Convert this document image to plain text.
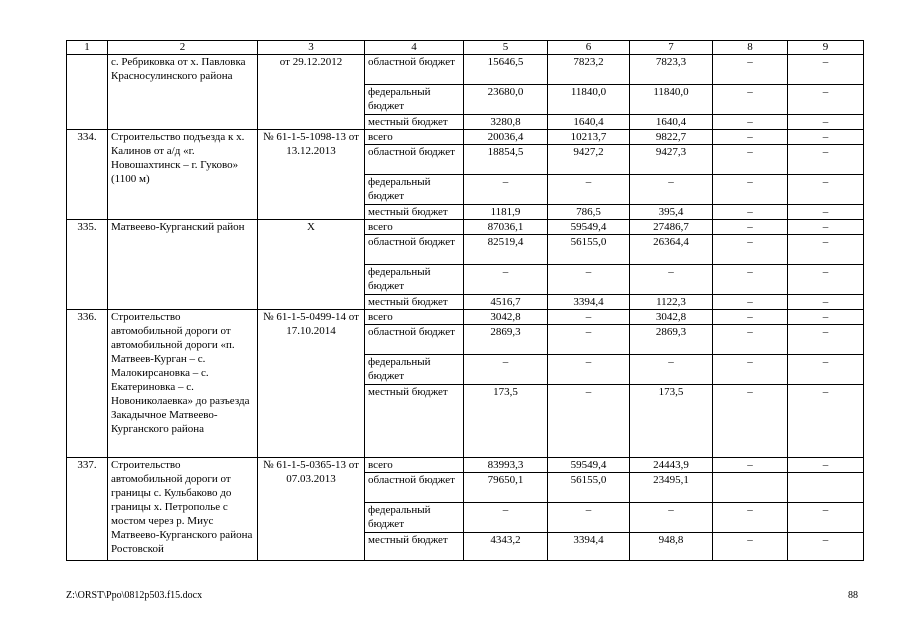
1	2	3	4	5	6	7	8	9
	с. Ребриковка от х. Павловка Красносулинского района	от 29.12.2012	областной бюджет	15646,5	7823,2	7823,3	–	–
			федеральный бюджет	23680,0	11840,0	11840,0	–	–
			местный бюджет	3280,8	1640,4	1640,4	–	–
334.	Строительство подъезда к х. Калинов от а/д «г. Новошахтинск – г. Гуково» (1100 м)	№ 61-1-5-1098-13 от 13.12.2013	всего	20036,4	10213,7	9822,7	–	–
			областной бюджет	18854,5	9427,2	9427,3	–	–
			федеральный бюджет	–	–	–	–	–
			местный бюджет	1181,9	786,5	395,4	–	–
335.	Матвеево-Курганский район	Х	всего	87036,1	59549,4	27486,7	–	–
			областной бюджет	82519,4	56155,0	26364,4	–	–
			федеральный бюджет	–	–	–	–	–
			местный бюджет	4516,7	3394,4	1122,3	–	–
336.	Строительство автомобильной дороги от автомобильной дороги «п. Матвеев-Курган – с. Малокирсановка – с. Екатериновка – с. Новониколаевка» до разъезда Закадычное Матвеево-Курганского района	№ 61-1-5-0499-14 от 17.10.2014	всего	3042,8	–	3042,8	–	–
			областной бюджет	2869,3	–	2869,3	–	–
			федеральный бюджет	–	–	–	–	–
			местный бюджет	173,5	–	173,5	–	–
337.	Строительство автомобильной дороги от границы с. Кульбаково до границы х. Петрополье с мостом через р. Миус Матвеево-Курганского района Ростовской	№ 61-1-5-0365-13 от 07.03.2013	всего	83993,3	59549,4	24443,9	–	–
			областной бюджет	79650,1	56155,0	23495,1		
			федеральный бюджет	–	–	–	–	–
			местный бюджет	4343,2	3394,4	948,8	–	–
Z:\ORST\Ppo\0812p503.f15.docx	88
